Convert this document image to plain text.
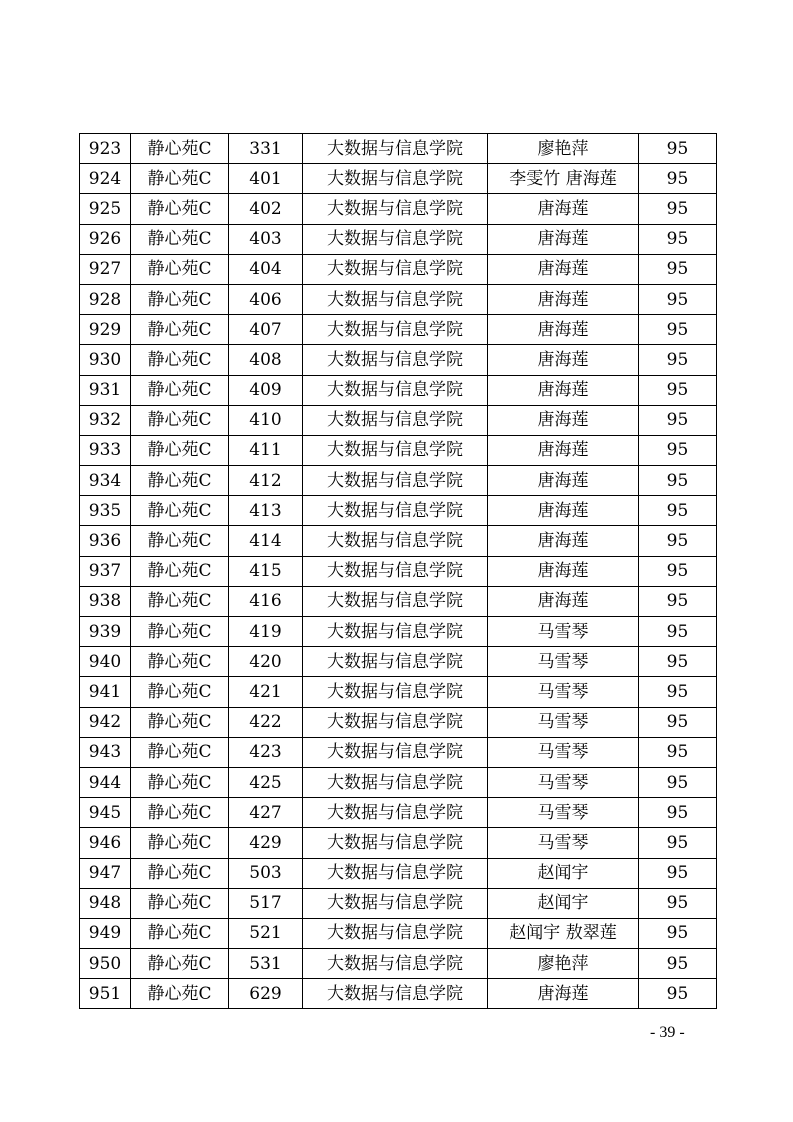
923	静心苑C	331	大数据与信息学院	廖艳萍	95
924	静心苑C	401	大数据与信息学院	李雯竹 唐海莲	95
925	静心苑C	402	大数据与信息学院	唐海莲	95
926	静心苑C	403	大数据与信息学院	唐海莲	95
927	静心苑C	404	大数据与信息学院	唐海莲	95
928	静心苑C	406	大数据与信息学院	唐海莲	95
929	静心苑C	407	大数据与信息学院	唐海莲	95
930	静心苑C	408	大数据与信息学院	唐海莲	95
931	静心苑C	409	大数据与信息学院	唐海莲	95
932	静心苑C	410	大数据与信息学院	唐海莲	95
933	静心苑C	411	大数据与信息学院	唐海莲	95
934	静心苑C	412	大数据与信息学院	唐海莲	95
935	静心苑C	413	大数据与信息学院	唐海莲	95
936	静心苑C	414	大数据与信息学院	唐海莲	95
937	静心苑C	415	大数据与信息学院	唐海莲	95
938	静心苑C	416	大数据与信息学院	唐海莲	95
939	静心苑C	419	大数据与信息学院	马雪琴	95
940	静心苑C	420	大数据与信息学院	马雪琴	95
941	静心苑C	421	大数据与信息学院	马雪琴	95
942	静心苑C	422	大数据与信息学院	马雪琴	95
943	静心苑C	423	大数据与信息学院	马雪琴	95
944	静心苑C	425	大数据与信息学院	马雪琴	95
945	静心苑C	427	大数据与信息学院	马雪琴	95
946	静心苑C	429	大数据与信息学院	马雪琴	95
947	静心苑C	503	大数据与信息学院	赵闻宇	95
948	静心苑C	517	大数据与信息学院	赵闻宇	95
949	静心苑C	521	大数据与信息学院	赵闻宇 敖翠莲	95
950	静心苑C	531	大数据与信息学院	廖艳萍	95
951	静心苑C	629	大数据与信息学院	唐海莲	95
- 39 -
